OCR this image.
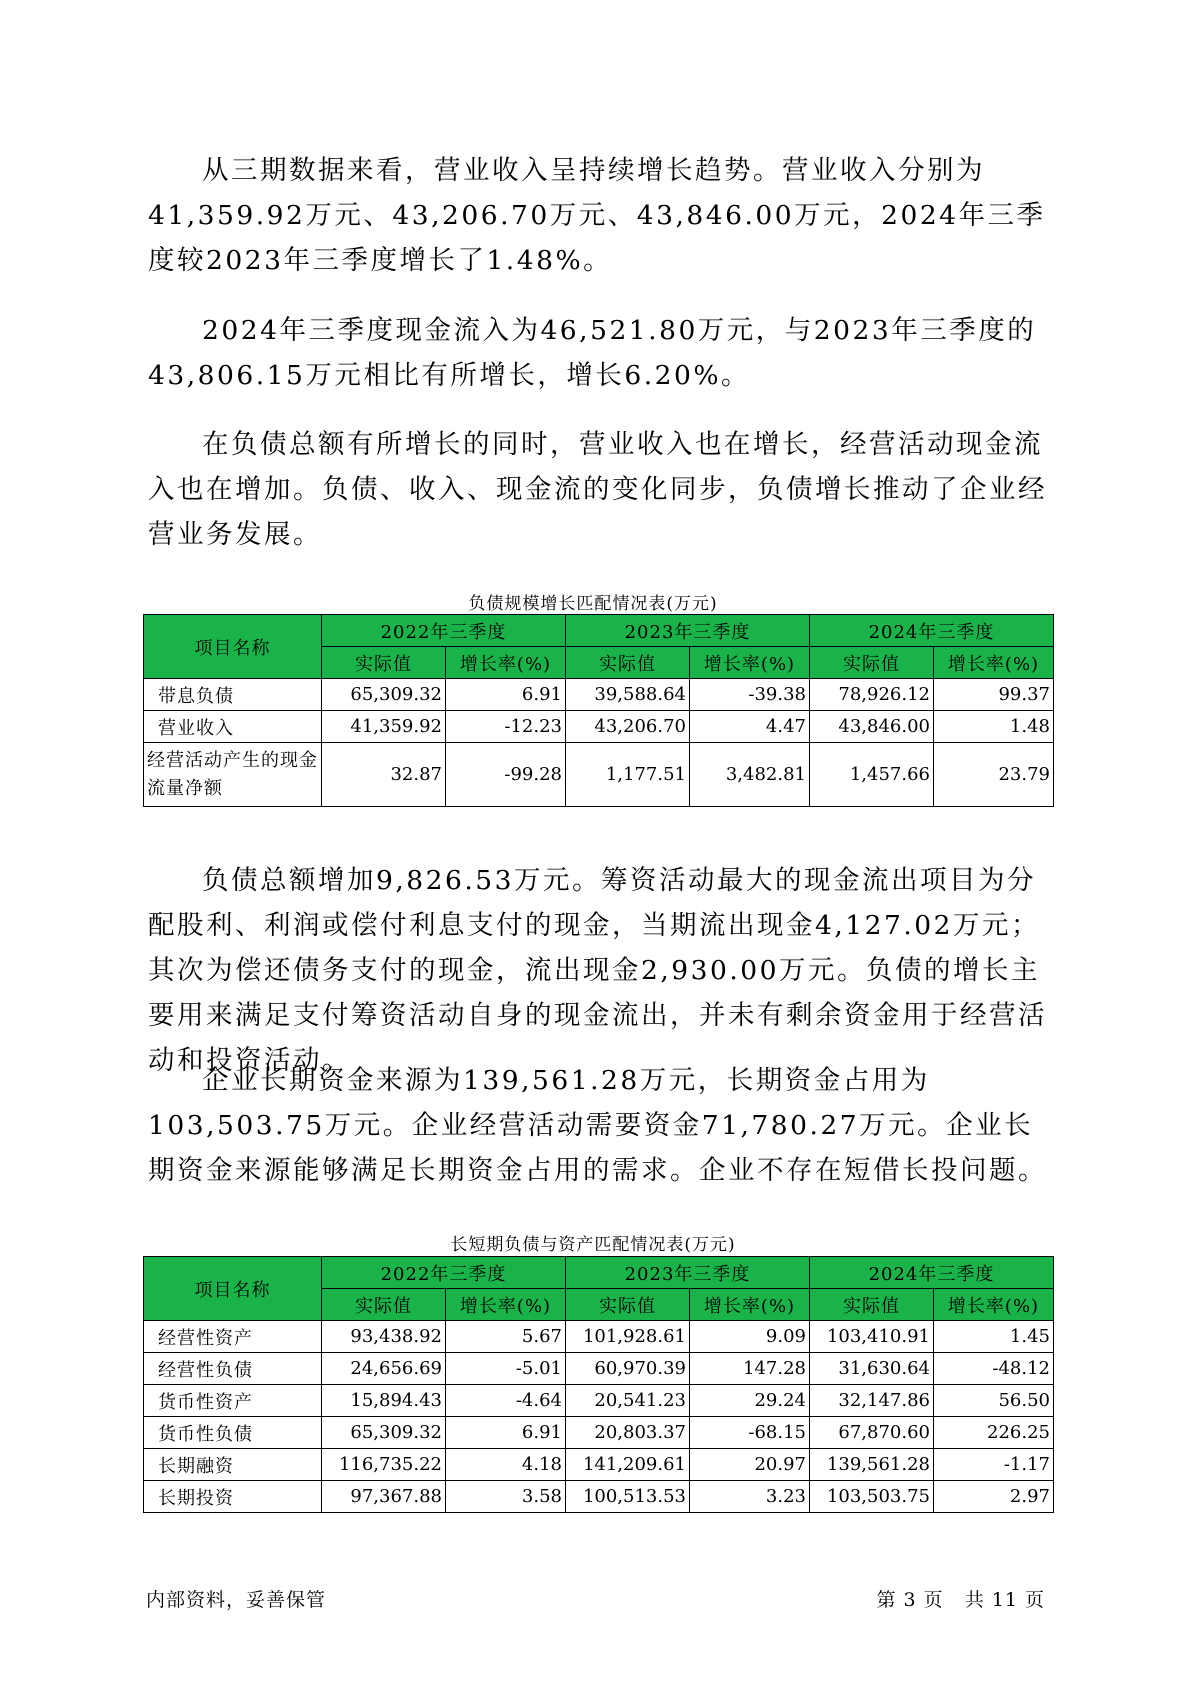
从三期数据来看，营业收入呈持续增长趋势。营业收入分别为41,359.92万元、43,206.70万元、43,846.00万元，2024年三季度较2023年三季度增长了1.48%。

2024年三季度现金流入为46,521.80万元，与2023年三季度的43,806.15万元相比有所增长，增长6.20%。

在负债总额有所增长的同时，营业收入也在增长，经营活动现金流入也在增加。负债、收入、现金流的变化同步，负债增长推动了企业经营业务发展。

负债规模增长匹配情况表(万元)
项目名称	2022年三季度		2023年三季度		2024年三季度	
	实际值	增长率(%)	实际值	增长率(%)	实际值	增长率(%)
带息负债	65,309.32	6.91	39,588.64	-39.38	78,926.12	99.37
营业收入	41,359.92	-12.23	43,206.70	4.47	43,846.00	1.48
经营活动产生的现金流量净额	32.87	-99.28	1,177.51	3,482.81	1,457.66	23.79

负债总额增加9,826.53万元。筹资活动最大的现金流出项目为分配股利、利润或偿付利息支付的现金，当期流出现金4,127.02万元；其次为偿还债务支付的现金，流出现金2,930.00万元。负债的增长主要用来满足支付筹资活动自身的现金流出，并未有剩余资金用于经营活动和投资活动。

企业长期资金来源为139,561.28万元，长期资金占用为103,503.75万元。企业经营活动需要资金71,780.27万元。企业长期资金来源能够满足长期资金占用的需求。企业不存在短借长投问题。

长短期负债与资产匹配情况表(万元)
项目名称	2022年三季度		2023年三季度		2024年三季度	
	实际值	增长率(%)	实际值	增长率(%)	实际值	增长率(%)
经营性资产	93,438.92	5.67	101,928.61	9.09	103,410.91	1.45
经营性负债	24,656.69	-5.01	60,970.39	147.28	31,630.64	-48.12
货币性资产	15,894.43	-4.64	20,541.23	29.24	32,147.86	56.50
货币性负债	65,309.32	6.91	20,803.37	-68.15	67,870.60	226.25
长期融资	116,735.22	4.18	141,209.61	20.97	139,561.28	-1.17
长期投资	97,367.88	3.58	100,513.53	3.23	103,503.75	2.97
内部资料，妥善保管	第 3 页   共 11 页
